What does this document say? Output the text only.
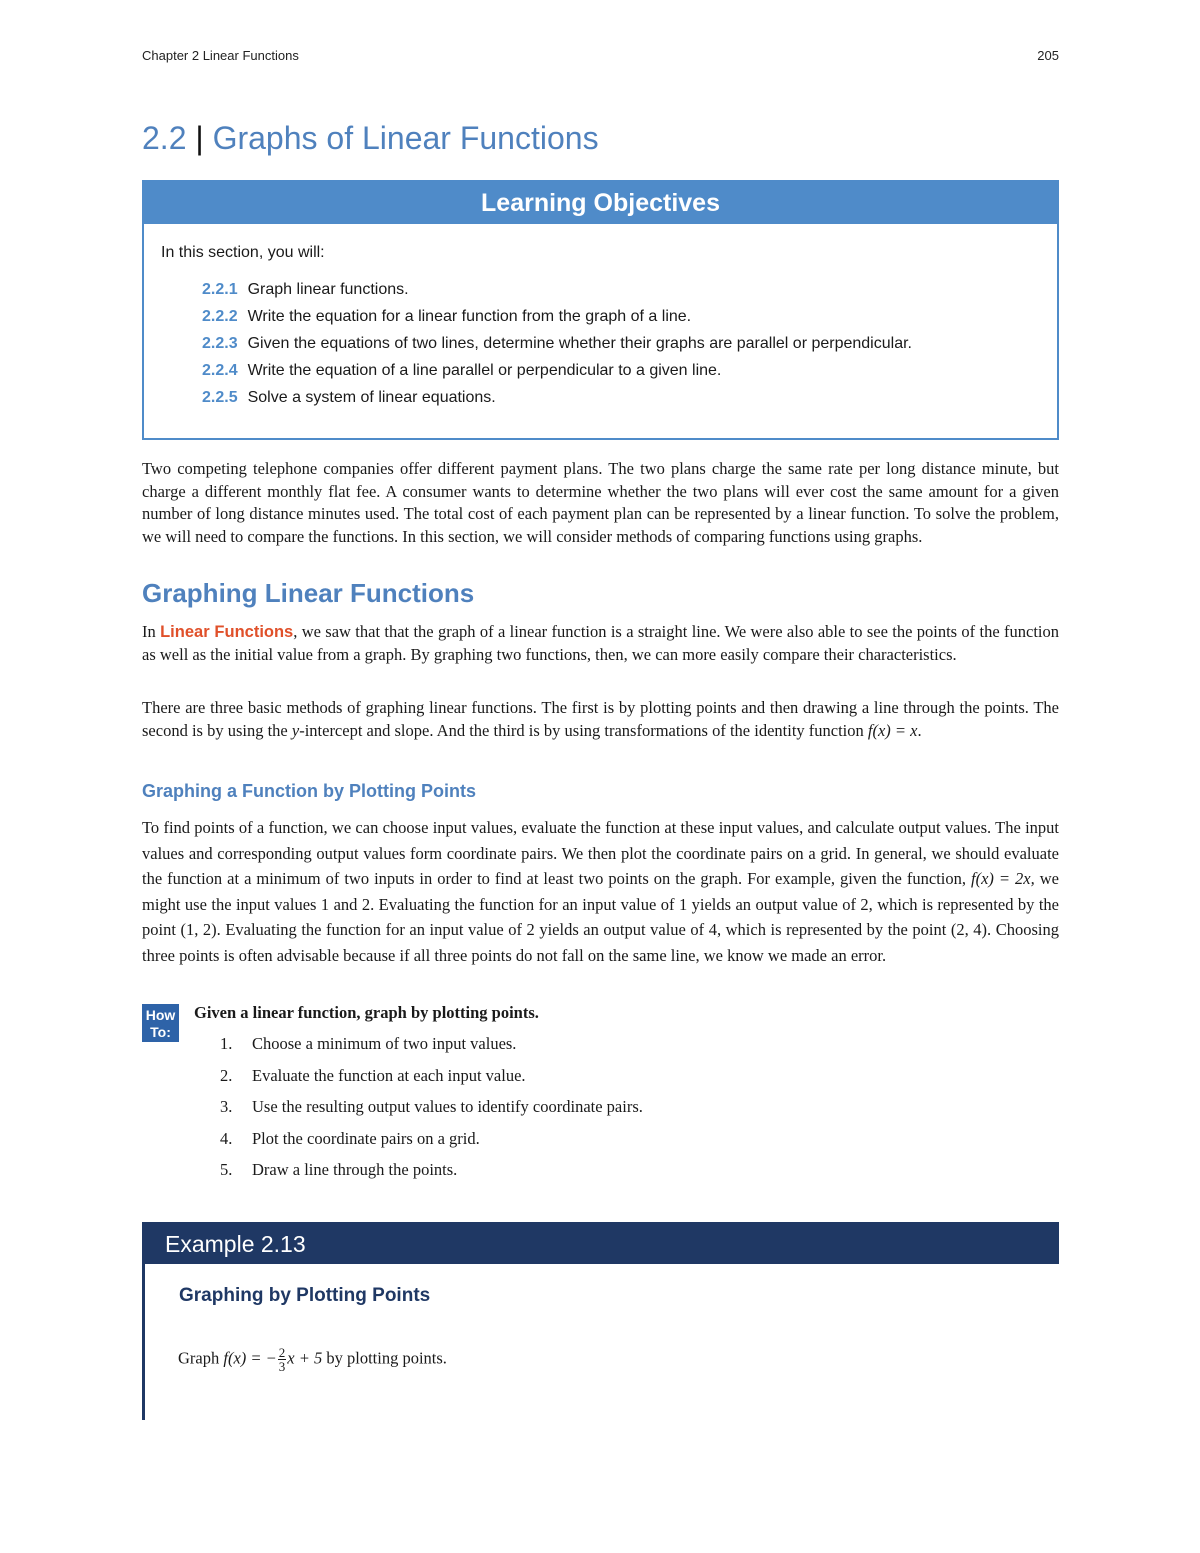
Chapter 2 Linear Functions	205
2.2 | Graphs of Linear Functions
Learning Objectives
In this section, you will:
2.2.1 Graph linear functions.
2.2.2 Write the equation for a linear function from the graph of a line.
2.2.3 Given the equations of two lines, determine whether their graphs are parallel or perpendicular.
2.2.4 Write the equation of a line parallel or perpendicular to a given line.
2.2.5 Solve a system of linear equations.

Two competing telephone companies offer different payment plans. The two plans charge the same rate per long distance minute, but charge a different monthly flat fee. A consumer wants to determine whether the two plans will ever cost the same amount for a given number of long distance minutes used. The total cost of each payment plan can be represented by a linear function. To solve the problem, we will need to compare the functions. In this section, we will consider methods of comparing functions using graphs.

Graphing Linear Functions

In Linear Functions, we saw that that the graph of a linear function is a straight line. We were also able to see the points of the function as well as the initial value from a graph. By graphing two functions, then, we can more easily compare their characteristics.

There are three basic methods of graphing linear functions. The first is by plotting points and then drawing a line through the points. The second is by using the y-intercept and slope. And the third is by using transformations of the identity function f(x) = x.

Graphing a Function by Plotting Points

To find points of a function, we can choose input values, evaluate the function at these input values, and calculate output values. The input values and corresponding output values form coordinate pairs. We then plot the coordinate pairs on a grid. In general, we should evaluate the function at a minimum of two inputs in order to find at least two points on the graph. For example, given the function, f(x) = 2x, we might use the input values 1 and 2. Evaluating the function for an input value of 1 yields an output value of 2, which is represented by the point (1, 2). Evaluating the function for an input value of 2 yields an output value of 4, which is represented by the point (2, 4). Choosing three points is often advisable because if all three points do not fall on the same line, we know we made an error.

How
To:
Given a linear function, graph by plotting points.
1. Choose a minimum of two input values.
2. Evaluate the function at each input value.
3. Use the resulting output values to identify coordinate pairs.
4. Plot the coordinate pairs on a grid.
5. Draw a line through the points.
Example 2.13
Graphing by Plotting Points
Graph f(x) = − $\frac{2}{3}$ x + 5 by plotting points.
